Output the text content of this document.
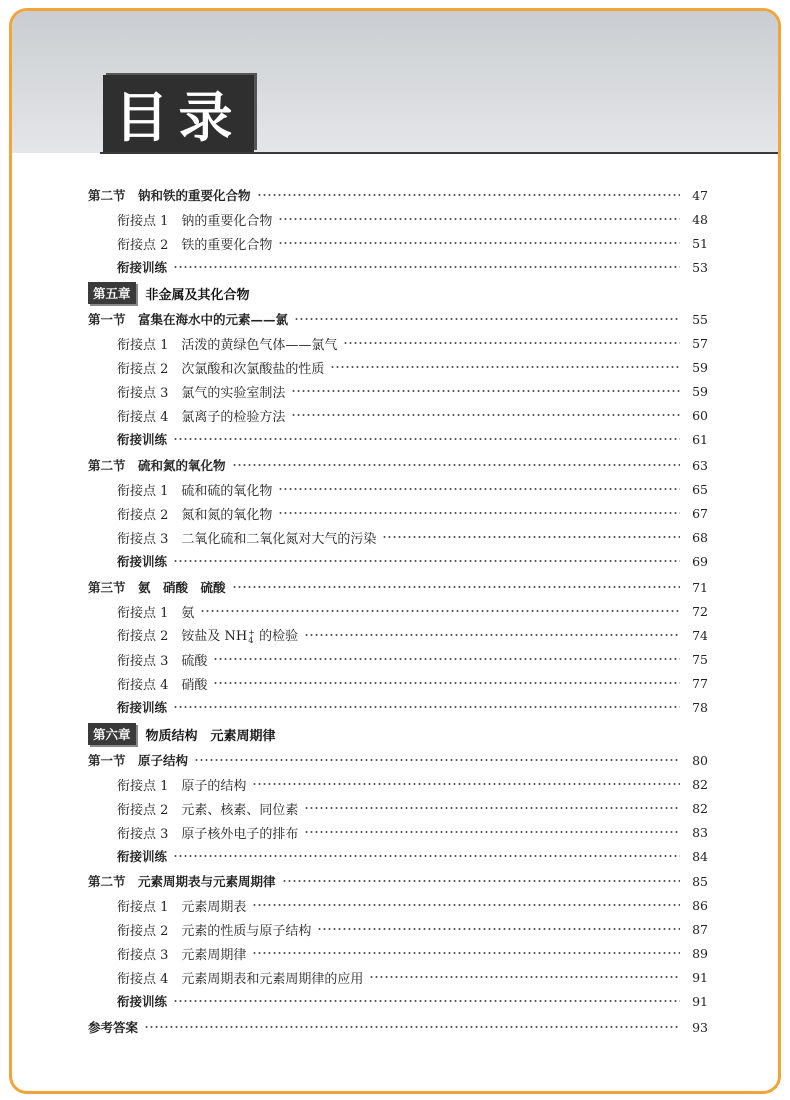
目录
第二节　钠和铁的重要化合物	47
衔接点 1　钠的重要化合物	48
衔接点 2　铁的重要化合物	51
衔接训练	53
第五章	非金属及其化合物
第一节　富集在海水中的元素——氯	55
衔接点 1　活泼的黄绿色气体——氯气	57
衔接点 2　次氯酸和次氯酸盐的性质	59
衔接点 3　氯气的实验室制法	59
衔接点 4　氯离子的检验方法	60
衔接训练	61
第二节　硫和氮的氧化物	63
衔接点 1　硫和硫的氧化物	65
衔接点 2　氮和氮的氧化物	67
衔接点 3　二氧化硫和二氧化氮对大气的污染	68
衔接训练	69
第三节　氨　硝酸　硫酸	71
衔接点 1　氨	72
衔接点 2　铵盐及 NH +
4 的检验	74
衔接点 3　硫酸	75
衔接点 4　硝酸	77
衔接训练	78
第六章	物质结构　元素周期律
第一节　原子结构	80
衔接点 1　原子的结构	82
衔接点 2　元素、核素、同位素	82
衔接点 3　原子核外电子的排布	83
衔接训练	84
第二节　元素周期表与元素周期律	85
衔接点 1　元素周期表	86
衔接点 2　元素的性质与原子结构	87
衔接点 3　元素周期律	89
衔接点 4　元素周期表和元素周期律的应用	91
衔接训练	91
参考答案	93
